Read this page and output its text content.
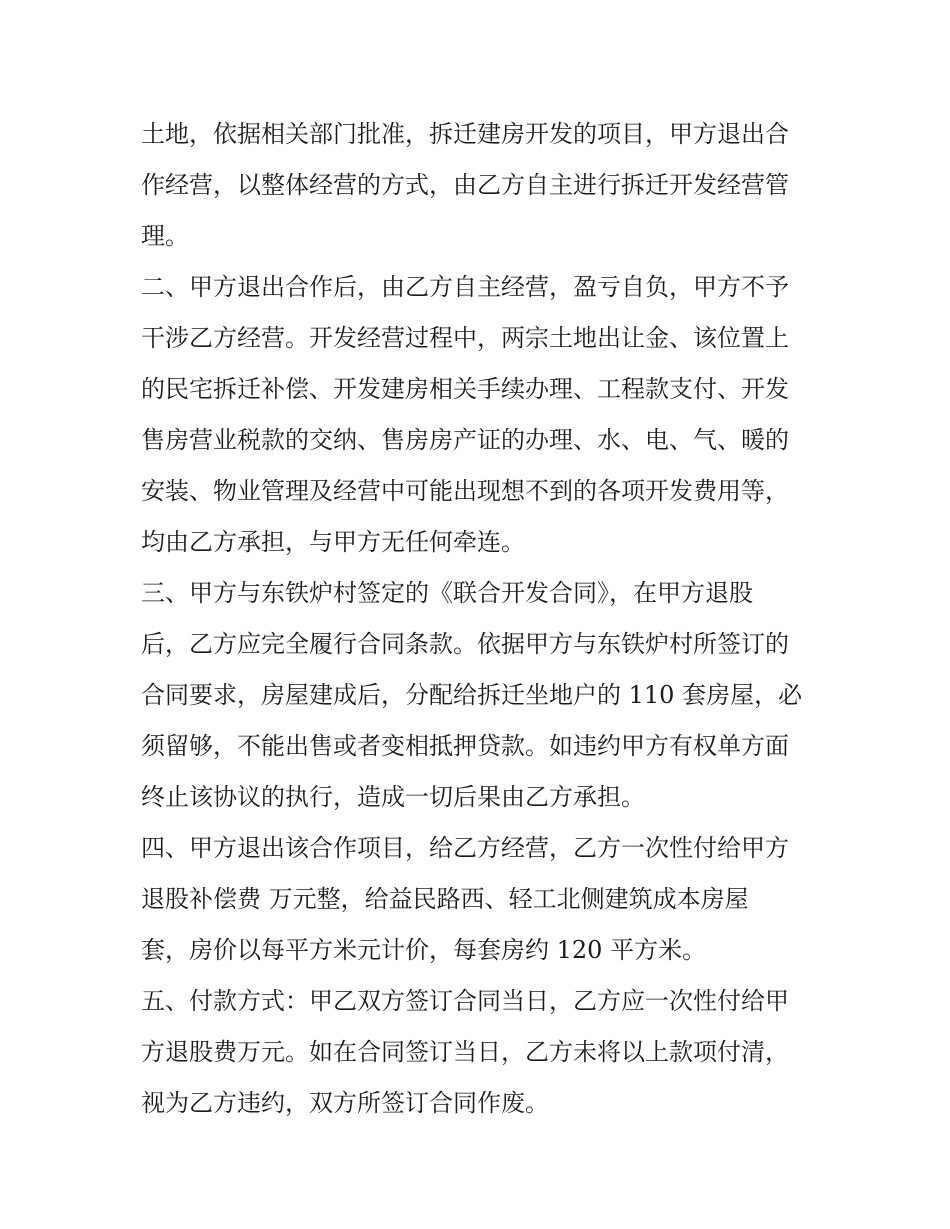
土地，依据相关部门批准，拆迁建房开发的项目，甲方退出合
作经营，以整体经营的方式，由乙方自主进行拆迁开发经营管
理。
二、甲方退出合作后，由乙方自主经营，盈亏自负，甲方不予
干涉乙方经营。开发经营过程中，两宗土地出让金、该位置上
的民宅拆迁补偿、开发建房相关手续办理、工程款支付、开发
售房营业税款的交纳、售房房产证的办理、水、电、气、暖的
安装、物业管理及经营中可能出现想不到的各项开发费用等，
均由乙方承担，与甲方无任何牵连。
三、甲方与东铁炉村签定的《联合开发合同》，在甲方退股
后，乙方应完全履行合同条款。依据甲方与东铁炉村所签订的
合同要求，房屋建成后，分配给拆迁坐地户的 110 套房屋，必
须留够，不能出售或者变相抵押贷款。如违约甲方有权单方面
终止该协议的执行，造成一切后果由乙方承担。
四、甲方退出该合作项目，给乙方经营，乙方一次性付给甲方
退股补偿费 万元整，给益民路西、轻工北侧建筑成本房屋
套，房价以每平方米元计价，每套房约 120 平方米。
五、付款方式：甲乙双方签订合同当日，乙方应一次性付给甲
方退股费万元。如在合同签订当日，乙方未将以上款项付清，
视为乙方违约，双方所签订合同作废。
